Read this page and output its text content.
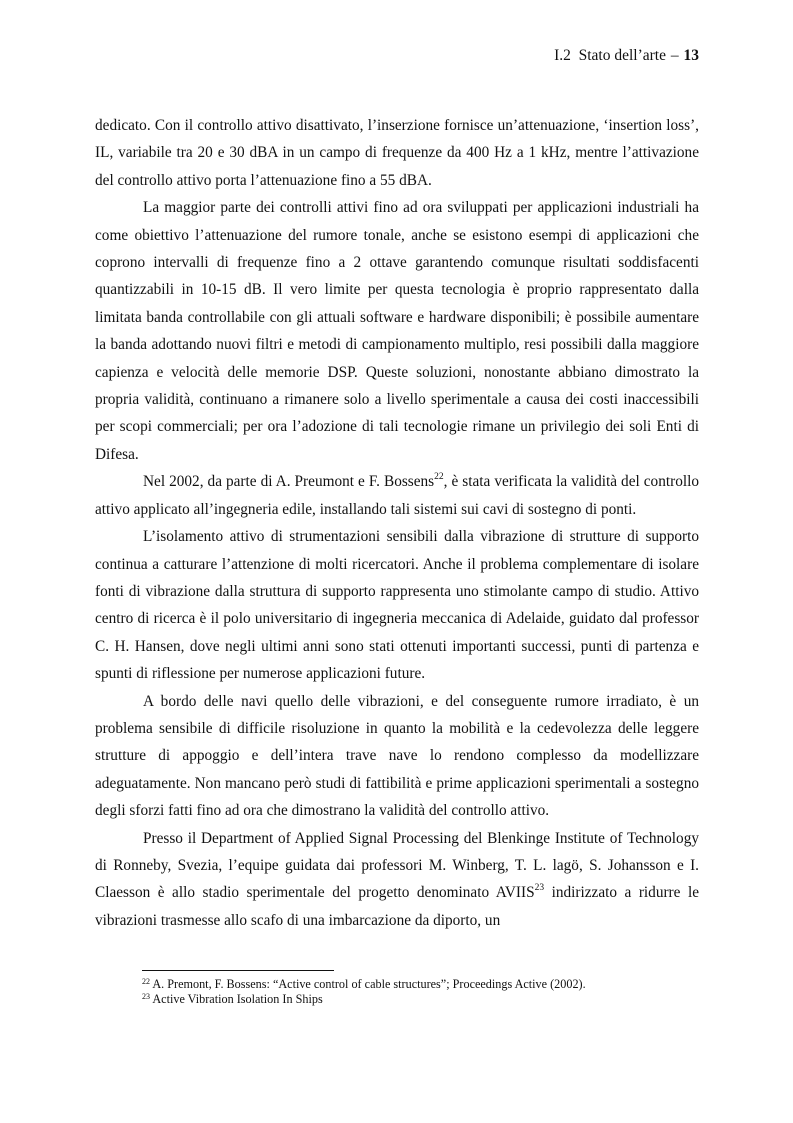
I.2 Stato dell’arte – 13

dedicato. Con il controllo attivo disattivato, l’inserzione fornisce un’attenuazione, ‘insertion loss’, IL, variabile tra 20 e 30 dBA in un campo di frequenze da 400 Hz a 1 kHz, mentre l’attivazione del controllo attivo porta l’attenuazione fino a 55 dBA.

La maggior parte dei controlli attivi fino ad ora sviluppati per applicazioni industriali ha come obiettivo l’attenuazione del rumore tonale, anche se esistono esempi di applicazioni che coprono intervalli di frequenze fino a 2 ottave garantendo comunque risultati soddisfacenti quantizzabili in 10-15 dB. Il vero limite per questa tecnologia è proprio rappresentato dalla limitata banda controllabile con gli attuali software e hardware disponibili; è possibile aumentare la banda adottando nuovi filtri e metodi di campionamento multiplo, resi possibili dalla maggiore capienza e velocità delle memorie DSP. Queste soluzioni, nonostante abbiano dimostrato la propria validità, continuano a rimanere solo a livello sperimentale a causa dei costi inaccessibili per scopi commerciali; per ora l’adozione di tali tecnologie rimane un privilegio dei soli Enti di Difesa.

Nel 2002, da parte di A. Preumont e F. Bossens$^{22}$, è stata verificata la validità del controllo attivo applicato all’ingegneria edile, installando tali sistemi sui cavi di sostegno di ponti.

L’isolamento attivo di strumentazioni sensibili dalla vibrazione di strutture di supporto continua a catturare l’attenzione di molti ricercatori. Anche il problema complementare di isolare fonti di vibrazione dalla struttura di supporto rappresenta uno stimolante campo di studio. Attivo centro di ricerca è il polo universitario di ingegneria meccanica di Adelaide, guidato dal professor C. H. Hansen, dove negli ultimi anni sono stati ottenuti importanti successi, punti di partenza e spunti di riflessione per numerose applicazioni future.

A bordo delle navi quello delle vibrazioni, e del conseguente rumore irradiato, è un problema sensibile di difficile risoluzione in quanto la mobilità e la cedevolezza delle leggere strutture di appoggio e dell’intera trave nave lo rendono complesso da modellizzare adeguatamente. Non mancano però studi di fattibilità e prime applicazioni sperimentali a sostegno degli sforzi fatti fino ad ora che dimostrano la validità del controllo attivo.

Presso il Department of Applied Signal Processing del Blenkinge Institute of Technology di Ronneby, Svezia, l’equipe guidata dai professori M. Winberg, T. L. lagö, S. Johansson e I. Claesson è allo stadio sperimentale del progetto denominato AVIIS$^{23}$ indirizzato a ridurre le vibrazioni trasmesse allo scafo di una imbarcazione da diporto, un

$^{22}$ A. Premont, F. Bossens: “Active control of cable structures”; Proceedings Active (2002).

$^{23}$ Active Vibration Isolation In Ships
